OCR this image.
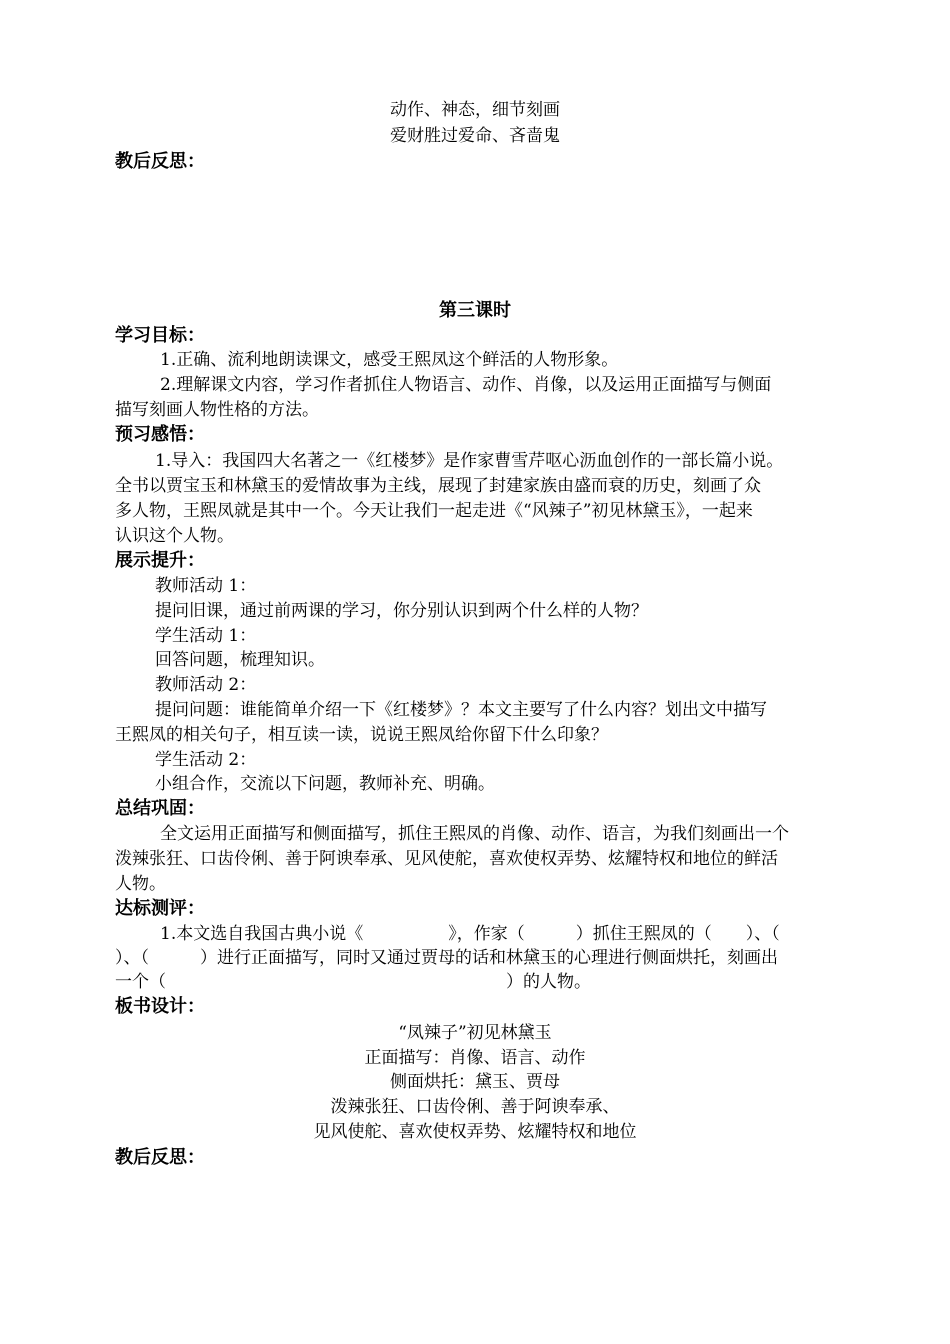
动作、神态，细节刻画
爱财胜过爱命、吝啬鬼
教后反思：
第三课时
学习目标：
1.正确、流利地朗读课文，感受王熙凤这个鲜活的人物形象。
2.理解课文内容，学习作者抓住人物语言、动作、肖像，以及运用正面描写与侧面
描写刻画人物性格的方法。
预习感悟：
1.导入：我国四大名著之一《红楼梦》是作家曹雪芹呕心沥血创作的一部长篇小说。
全书以贾宝玉和林黛玉的爱情故事为主线，展现了封建家族由盛而衰的历史，刻画了众
多人物，王熙凤就是其中一个。今天让我们一起走进《“风辣子”初见林黛玉》，一起来
认识这个人物。
展示提升：
教师活动 1：
提问旧课，通过前两课的学习，你分别认识到两个什么样的人物？
学生活动 1：
回答问题，梳理知识。
教师活动 2：
提问问题：谁能简单介绍一下《红楼梦》？本文主要写了什么内容？划出文中描写
王熙凤的相关句子，相互读一读，说说王熙凤给你留下什么印象？
学生活动 2：
小组合作，交流以下问题，教师补充、明确。
总结巩固：
全文运用正面描写和侧面描写，抓住王熙凤的肖像、动作、语言，为我们刻画出一个
泼辣张狂、口齿伶俐、善于阿谀奉承、见风使舵，喜欢使权弄势、炫耀特权和地位的鲜活
人物。
达标测评：
1.本文选自我国古典小说《　　　　　》，作家（　　　）抓住王熙凤的（　　）、（
）、（　　　）进行正面描写，同时又通过贾母的话和林黛玉的心理进行侧面烘托，刻画出
一个（　　　　　　　　　　　　　　　　　　　　）的人物。
板书设计：
“凤辣子”初见林黛玉
正面描写：肖像、语言、动作
侧面烘托：黛玉、贾母
泼辣张狂、口齿伶俐、善于阿谀奉承、
见风使舵、喜欢使权弄势、炫耀特权和地位
教后反思：
